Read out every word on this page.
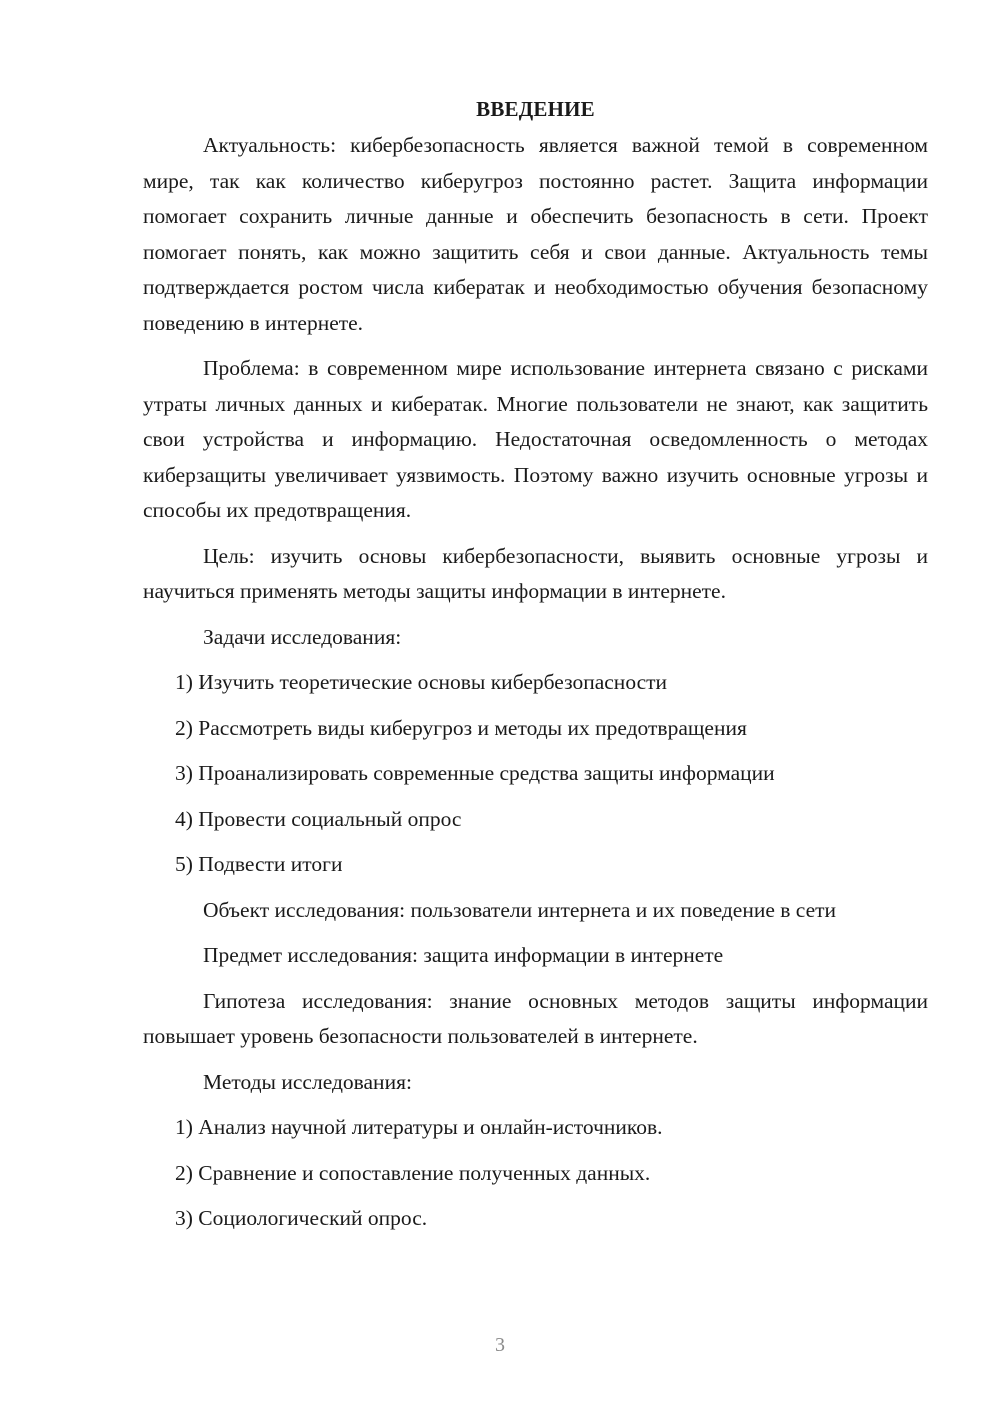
ВВЕДЕНИЕ

Актуальность: кибербезопасность является важной темой в современном мире, так как количество киберугроз постоянно растет. Защита информации помогает сохранить личные данные и обеспечить безопасность в сети. Проект помогает понять, как можно защитить себя и свои данные. Актуальность темы подтверждается ростом числа кибератак и необходимостью обучения безопасному поведению в интернете.

Проблема: в современном мире использование интернета связано с рисками утраты личных данных и кибератак. Многие пользователи не знают, как защитить свои устройства и информацию. Недостаточная осведомленность о методах киберзащиты увеличивает уязвимость. Поэтому важно изучить основные угрозы и способы их предотвращения.

Цель: изучить основы кибербезопасности, выявить основные угрозы и научиться применять методы защиты информации в интернете.

Задачи исследования:

1) Изучить теоретические основы кибербезопасности

2) Рассмотреть виды киберугроз и методы их предотвращения

3) Проанализировать современные средства защиты информации

4) Провести социальный опрос

5) Подвести итоги

Объект исследования: пользователи интернета и их поведение в сети

Предмет исследования: защита информации в интернете

Гипотеза исследования: знание основных методов защиты информации повышает уровень безопасности пользователей в интернете.

Методы исследования:

1) Анализ научной литературы и онлайн-источников.

2) Сравнение и сопоставление полученных данных.

3) Социологический опрос.

3
